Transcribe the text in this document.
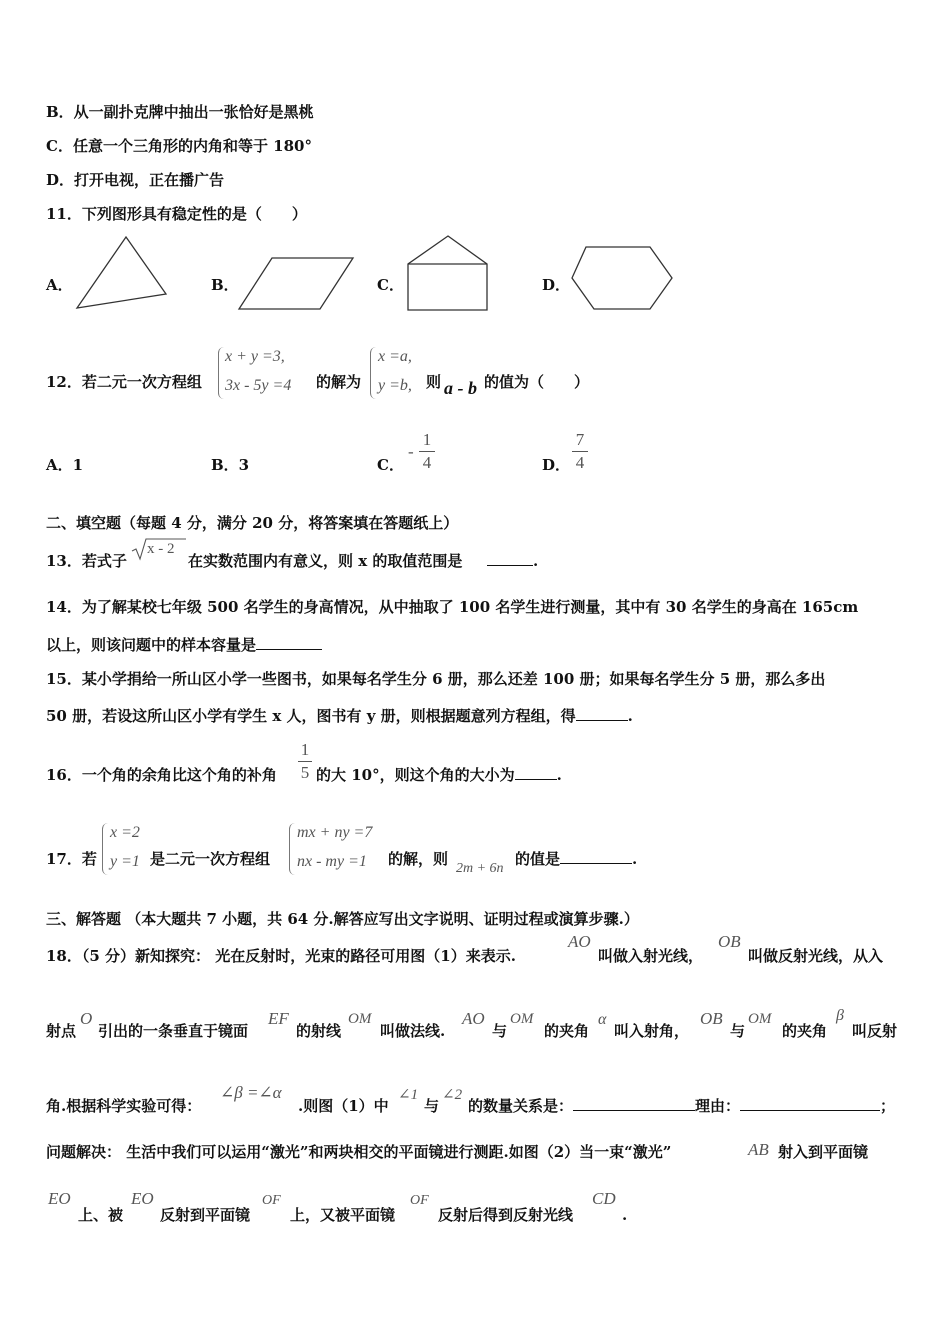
B．从一副扑克牌中抽出一张恰好是黑桃
C．任意一个三角形的内角和等于 180°
D．打开电视，正在播广告
11．下列图形具有稳定性的是（　　）
A．	B．	C．	D．
12．若二元一次方程组
x + y =3,
3x - 5y =4 的解为
x =a,
y =b, 则 a - b 的值为（　　）
A．1	B．3	C．
-
1
4	D．
7
4
二、填空题（每题 4 分，满分 20 分，将答案填在答题纸上）
13．若式子
x - 2
在实数范围内有意义，则 x 的取值范围是	.
14．为了解某校七年级 500 名学生的身高情况，从中抽取了 100 名学生进行测量，其中有 30 名学生的身高在 165cm
以上，则该问题中的样本容量是
15．某小学捐给一所山区小学一些图书，如果每名学生分 6 册，那么还差 100 册；如果每名学生分 5 册，那么多出
50 册，若设这所山区小学有学生 x 人，图书有 y 册，则根据题意列方程组，得	.
16．一个角的余角比这个角的补角
1
5 的大 10°，则这个角的大小为	.
17．若
x =2
y =1 是二元一次方程组
mx + ny =7
nx - my =1 的解，则
2m + 6n
的值是	.
三、解答题 （本大题共 7 小题，共 64 分.解答应写出文字说明、证明过程或演算步骤.）
18．（5 分）新知探究： 光在反射时，光束的路径可用图（1）来表示.
AO
叫做入射光线，
OB
叫做反射光线，从入
射点
O
引出的一条垂直于镜面
EF
的射线
OM
叫做法线.
AO
与
OM
的夹角
α
叫入射角，
OB
与
OM
的夹角
β
叫反射
角.根据科学实验可得：
∠β =∠α
.则图（1）中
∠1
与
∠2
的数量关系是：	理由：	；
问题解决： 生活中我们可以运用“激光”和两块相交的平面镜进行测距.如图（2）当一束“激光”	AB 射入到平面镜
EO
上、被
EO
反射到平面镜
OF
上，又被平面镜
OF
反射后得到反射光线
CD
.
